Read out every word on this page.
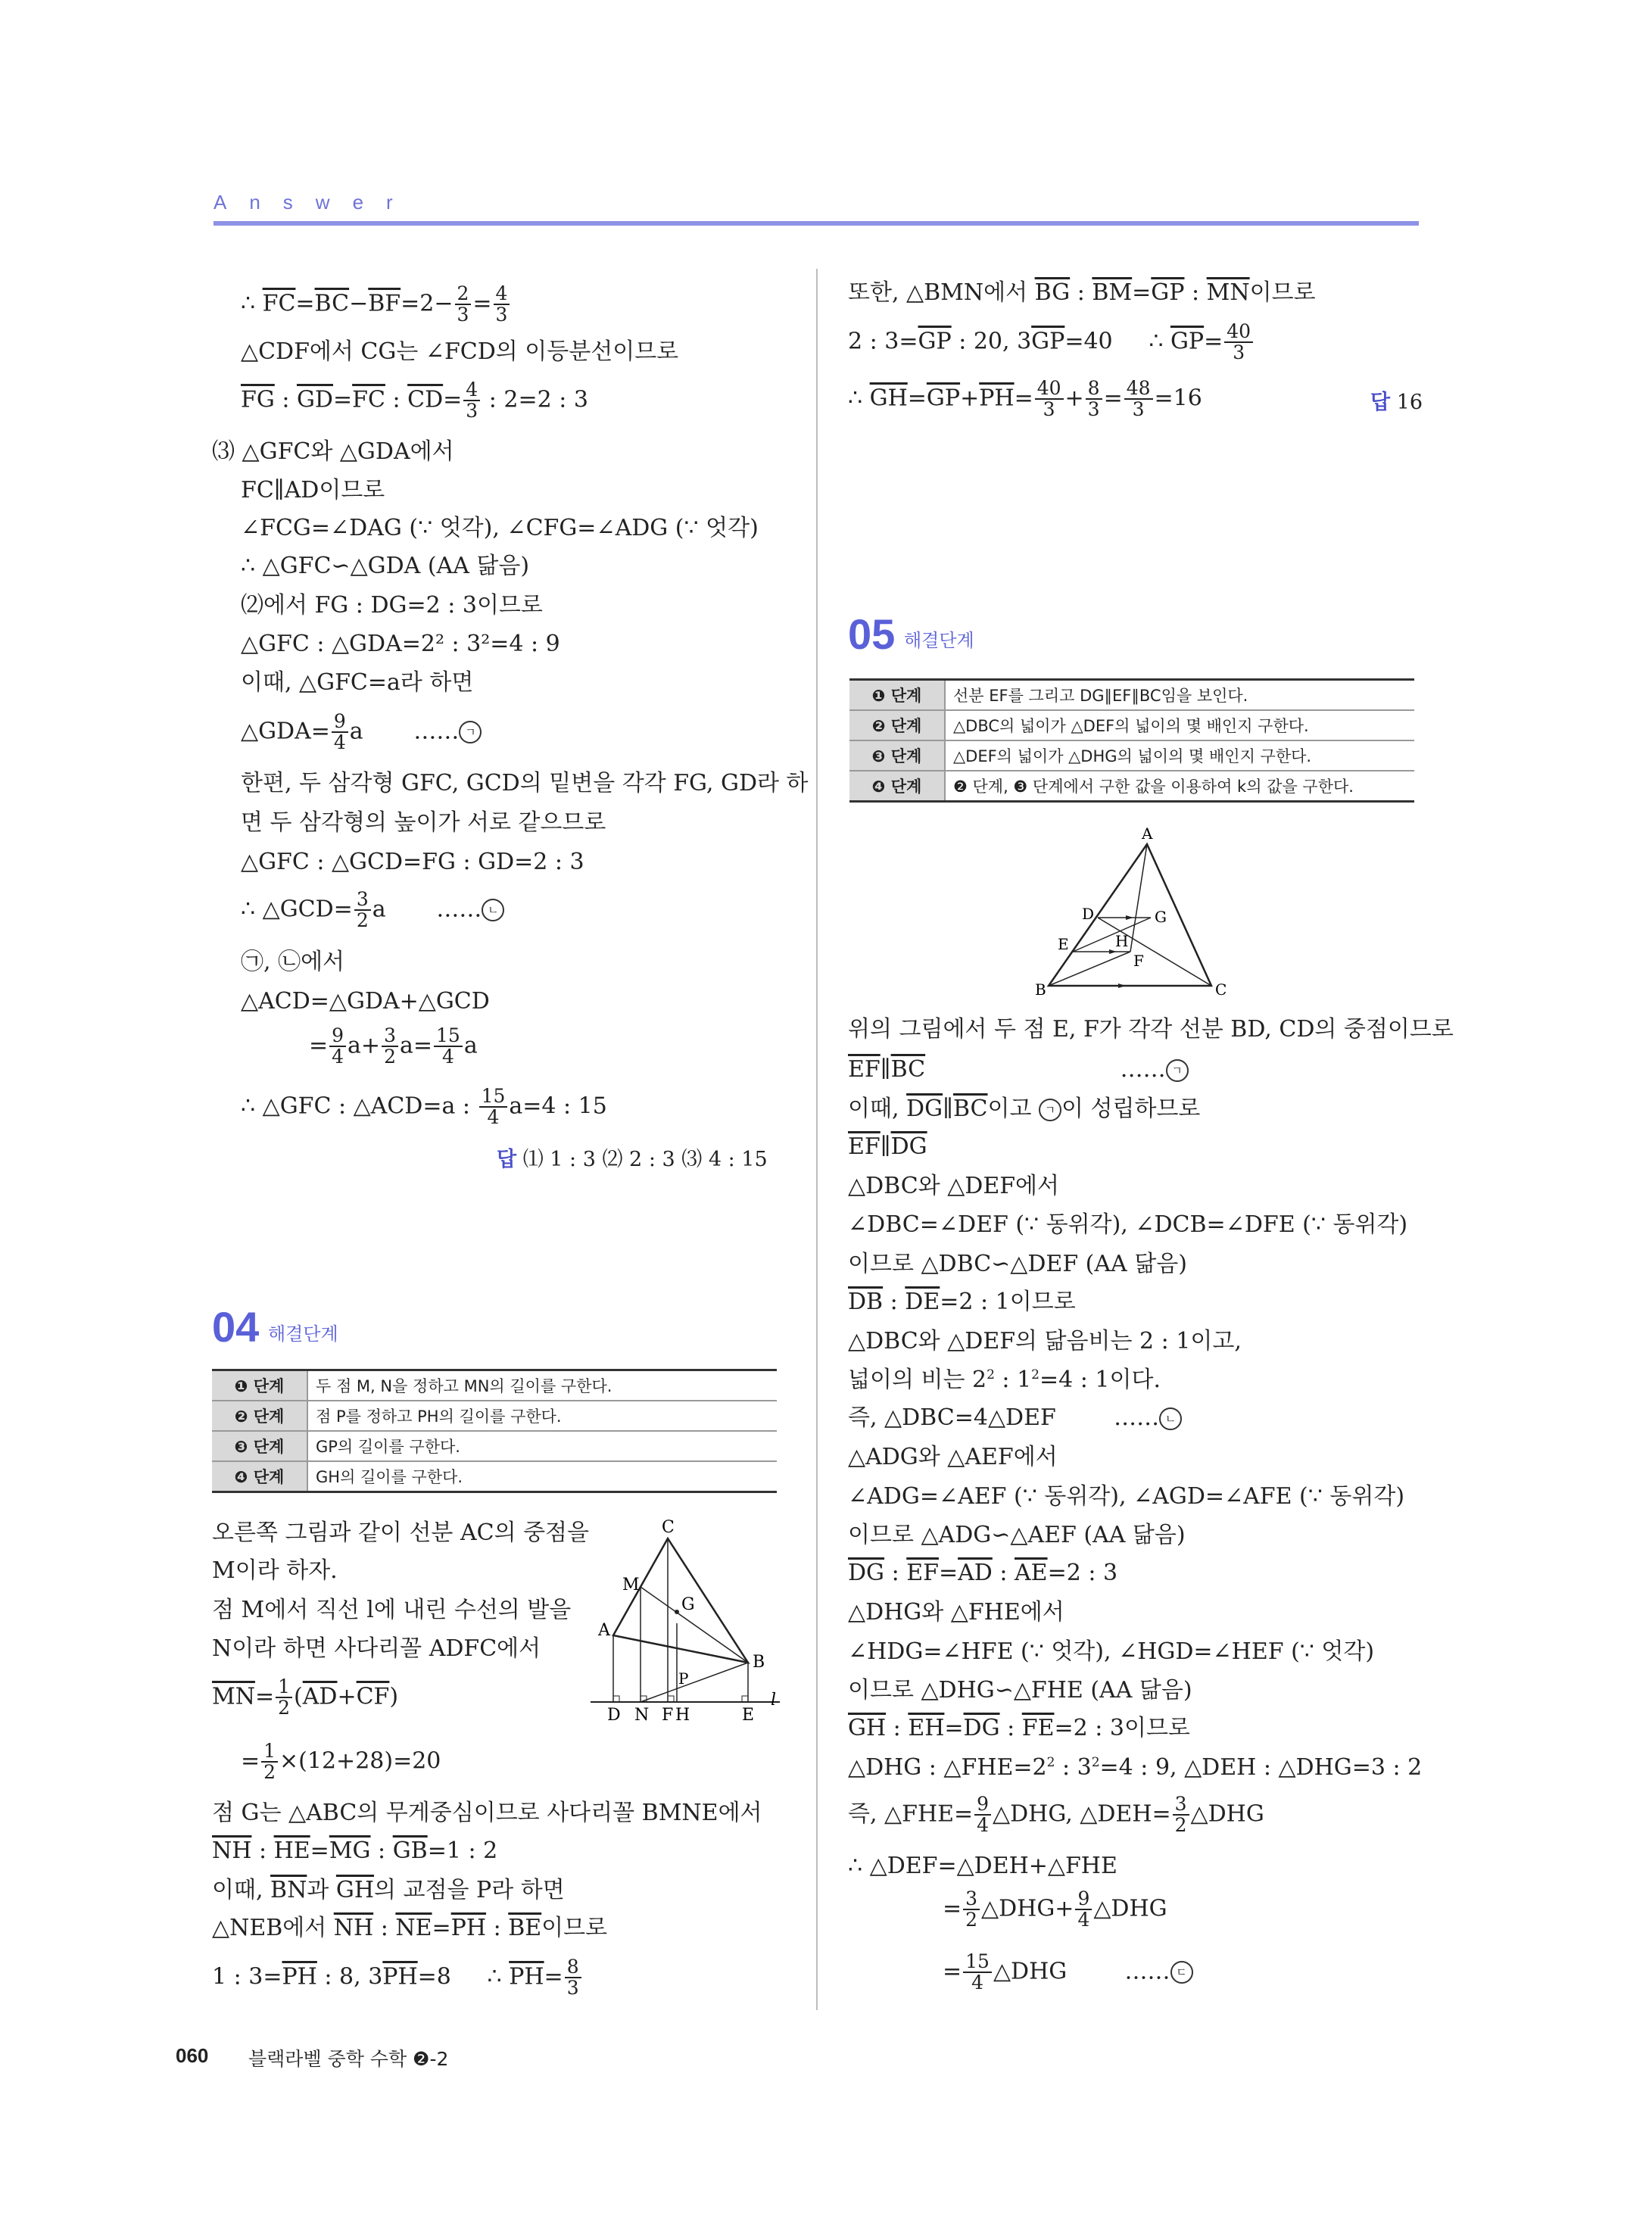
Answer
∴ $\overline{FC}=\overline{BC}-\overline{BF}=2- \frac{2}{3} = \frac{4}{3}$
△CDF에서 CG는 ∠FCD의 이등분선이므로
$\overline{FG}$ : $\overline{GD}=\overline{FC}$ : $\overline{CD}= \frac{4}{3}$ : 2=2 : 3
⑶ △GFC와 △GDA에서
FC∥AD이므로
∠FCG=∠DAG (∵ 엇각), ∠CFG=∠ADG (∵ 엇각)
∴ △GFC∽△GDA (AA 닮음)
⑵에서 FG : DG=2 : 3이므로
△GFC : △GDA=2² : 3²=4 : 9
이때, △GFC=a라 하면
△GDA= $\frac{9}{4}$ a       …… ㄱ
한편, 두 삼각형 GFC, GCD의 밑변을 각각 FG, GD라 하
면 두 삼각형의 높이가 서로 같으므로
△GFC : △GCD=FG : GD=2 : 3
∴ △GCD= $\frac{3}{2}$ a       …… ㄴ
㉠, ㉡에서
△ACD=△GDA+△GCD
= $\frac{9}{4} a+ \frac{3}{2} a= \frac{15}{4}$ a
∴ △GFC : △ACD=a : $\frac{15}{4} a=4$ : 15
답 ⑴ 1 : 3 ⑵ 2 : 3 ⑶ 4 : 15
04 해결단계
❶ 단계	두 점 M, N을 정하고 MN의 길이를 구한다.
❷ 단계	점 P를 정하고 PH의 길이를 구한다.
❸ 단계	GP의 길이를 구한다.
❹ 단계	GH의 길이를 구한다.
오른쪽 그림과 같이 선분 AC의 중점을
M이라 하자.
점 M에서 직선 l에 내린 수선의 발을
N이라 하면 사다리꼴 ADFC에서
$\overline{MN}= \frac{1}{2} (\overline{AD}+\overline{CF})$
= $\frac{1}{2} \times(12+28)=20$
C
M
G
A
B
P
l
D N F H	E
점 G는 △ABC의 무게중심이므로 사다리꼴 BMNE에서
$\overline{NH}$ : $\overline{HE}=\overline{MG}$ : $\overline{GB}=1$ : 2
이때, $\overline{BN}$과 $\overline{GH}$의 교점을 P라 하면
△NEB에서 $\overline{NH}$ : $\overline{NE}=\overline{PH}$ : $\overline{BE}$이므로
1 : $3=\overline{PH}$ : 8, $3\overline{PH}=8$     ∴ $\overline{PH}= \frac{8}{3}$
또한, △BMN에서 $\overline{BG}$ : $\overline{BM}=\overline{GP}$ : $\overline{MN}$이므로
2 : $3=\overline{GP}$ : 20, $3\overline{GP}=40$     ∴ $\overline{GP}= \frac{40}{3}$
∴ $\overline{GH}=\overline{GP}+\overline{PH}= \frac{40}{3} + \frac{8}{3} = \frac{48}{3} =16$	답 16
05 해결단계
❶ 단계	선분 EF를 그리고 DG∥EF∥BC임을 보인다.
❷ 단계	△DBC의 넓이가 △DEF의 넓이의 몇 배인지 구한다.
❸ 단계	△DEF의 넓이가 △DHG의 넓이의 몇 배인지 구한다.
❹ 단계	❷ 단계, ❸ 단계에서 구한 값을 이용하여 k의 값을 구한다.
A
D	G
E	H
F
B	C
위의 그림에서 두 점 E, F가 각각 선분 BD, CD의 중점이므로
$\overline{EF}\parallel\overline{BC}$                           …… ㄱ
이때, $\overline{DG}\parallel\overline{BC}$이고 ㄱ 이 성립하므로
$\overline{EF}\parallel\overline{DG}$
△DBC와 △DEF에서
∠DBC=∠DEF (∵ 동위각), ∠DCB=∠DFE (∵ 동위각)
이므로 △DBC∽△DEF (AA 닮음)
$\overline{DB}$ : $\overline{DE}=2$ : 1이므로
△DBC와 △DEF의 닮음비는 2 : 1이고,
넓이의 비는 $2^2$ : $1^2=4$ : 1이다.
즉, △DBC=4△DEF        …… ㄴ
△ADG와 △AEF에서
∠ADG=∠AEF (∵ 동위각), ∠AGD=∠AFE (∵ 동위각)
이므로 △ADG∽△AEF (AA 닮음)
$\overline{DG}$ : $\overline{EF}=\overline{AD}$ : $\overline{AE}=2$ : 3
△DHG와 △FHE에서
∠HDG=∠HFE (∵ 엇각), ∠HGD=∠HEF (∵ 엇각)
이므로 △DHG∽△FHE (AA 닮음)
$\overline{GH}$ : $\overline{EH}=\overline{DG}$ : $\overline{FE}=2$ : 3이므로
△DHG : $\triangle FHE=2^2$ : $3^2=4$ : 9, △DEH : △DHG=3 : 2
즉, △FHE= $\frac{9}{4}$ △DHG, △DEH= $\frac{3}{2}$ △DHG
∴ △DEF=△DEH+△FHE
= $\frac{3}{2}$ △DHG+ $\frac{9}{4}$ △DHG
= $\frac{15}{4}$ △DHG        …… ㄷ
060 블랙라벨 중학 수학 ❷-2
